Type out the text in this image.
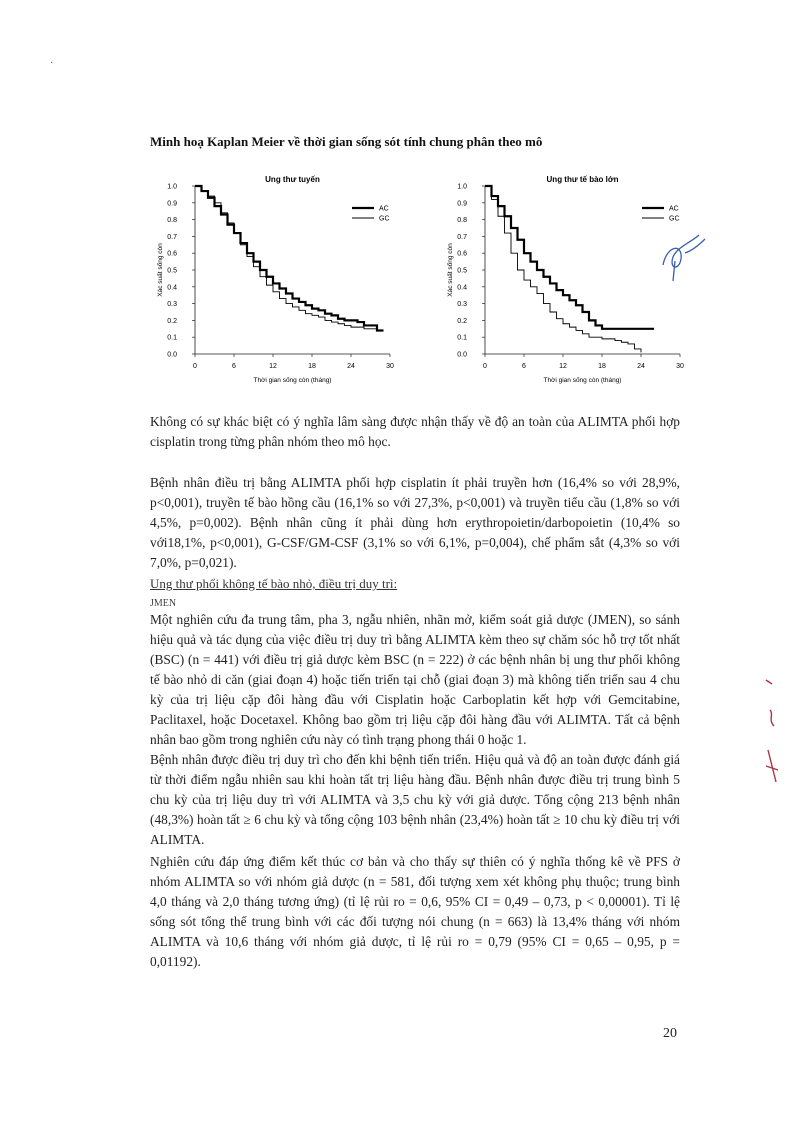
·
Minh hoạ Kaplan Meier về thời gian sống sót tính chung phân theo mô
Ung thư tuyến
0.0
0.1
0.2
0.3
0.4
0.5
0.6
0.7
0.8
0.9
1.0
0	6	12	18	24	30
Thời gian sống còn (tháng)
Xác suất sống còn
AC
GC
Ung thư tế bào lớn
0.0
0.1
0.2
0.3
0.4
0.5
0.6
0.7
0.8
0.9
1.0
0	6	12	18	24	30
Thời gian sống còn (tháng)
Xác suất sống còn
AC
GC

Không có sự khác biệt có ý nghĩa lâm sàng được nhận thấy về độ an toàn của ALIMTA phối hợp cisplatin trong từng phân nhóm theo mô học.

Bệnh nhân điều trị bằng ALIMTA phối hợp cisplatin ít phải truyền hơn (16,4% so với 28,9%, p<0,001), truyền tế bào hồng cầu (16,1% so với 27,3%, p<0,001) và truyền tiểu cầu (1,8% so với 4,5%, p=0,002). Bệnh nhân cũng ít phải dùng hơn erythropoietin/darbopoietin (10,4% so với18,1%, p<0,001), G-CSF/GM-CSF (3,1% so với 6,1%, p=0,004), chế phẩm sắt (4,3% so với 7,0%, p=0,021).

Ung thư phổi không tế bào nhỏ, điều trị duy trì:
JMEN

Một nghiên cứu đa trung tâm, pha 3, ngẫu nhiên, nhãn mở, kiểm soát giả dược (JMEN), so sánh hiệu quả và tác dụng của việc điều trị duy trì bằng ALIMTA kèm theo sự chăm sóc hỗ trợ tốt nhất (BSC) (n = 441) với điều trị giả dược kèm BSC (n = 222) ở các bệnh nhân bị ung thư phổi không tế bào nhỏ di căn (giai đoạn 4) hoặc tiến triển tại chỗ (giai đoạn 3) mà không tiến triển sau 4 chu kỳ của trị liệu cặp đôi hàng đầu với Cisplatin hoặc Carboplatin kết hợp với Gemcitabine, Paclitaxel, hoặc Docetaxel. Không bao gồm trị liệu cặp đôi hàng đầu với ALIMTA. Tất cả bệnh nhân bao gồm trong nghiên cứu này có tình trạng phong thái 0 hoặc 1.

Bệnh nhân được điều trị duy trì cho đến khi bệnh tiến triển. Hiệu quả và độ an toàn được đánh giá từ thời điểm ngẫu nhiên sau khi hoàn tất trị liệu hàng đầu. Bệnh nhân được điều trị trung bình 5 chu kỳ của trị liệu duy trì với ALIMTA và 3,5 chu kỳ với giả dược. Tổng cộng 213 bệnh nhân (48,3%) hoàn tất ≥ 6 chu kỳ và tổng cộng 103 bệnh nhân (23,4%) hoàn tất ≥ 10 chu kỳ điều trị với ALIMTA.

Nghiên cứu đáp ứng điểm kết thúc cơ bản và cho thấy sự thiên có ý nghĩa thống kê về PFS ở nhóm ALIMTA so với nhóm giả dược (n = 581, đối tượng xem xét không phụ thuộc; trung bình 4,0 tháng và 2,0 tháng tương ứng) (tỉ lệ rủi ro = 0,6, 95% CI = 0,49 – 0,73, p < 0,00001). Tỉ lệ sống sót tổng thể trung bình với các đối tượng nói chung (n = 663) là 13,4% tháng với nhóm ALIMTA và 10,6 tháng với nhóm giả dược, tỉ lệ rủi ro = 0,79 (95% CI = 0,65 – 0,95, p = 0,01192).

20
